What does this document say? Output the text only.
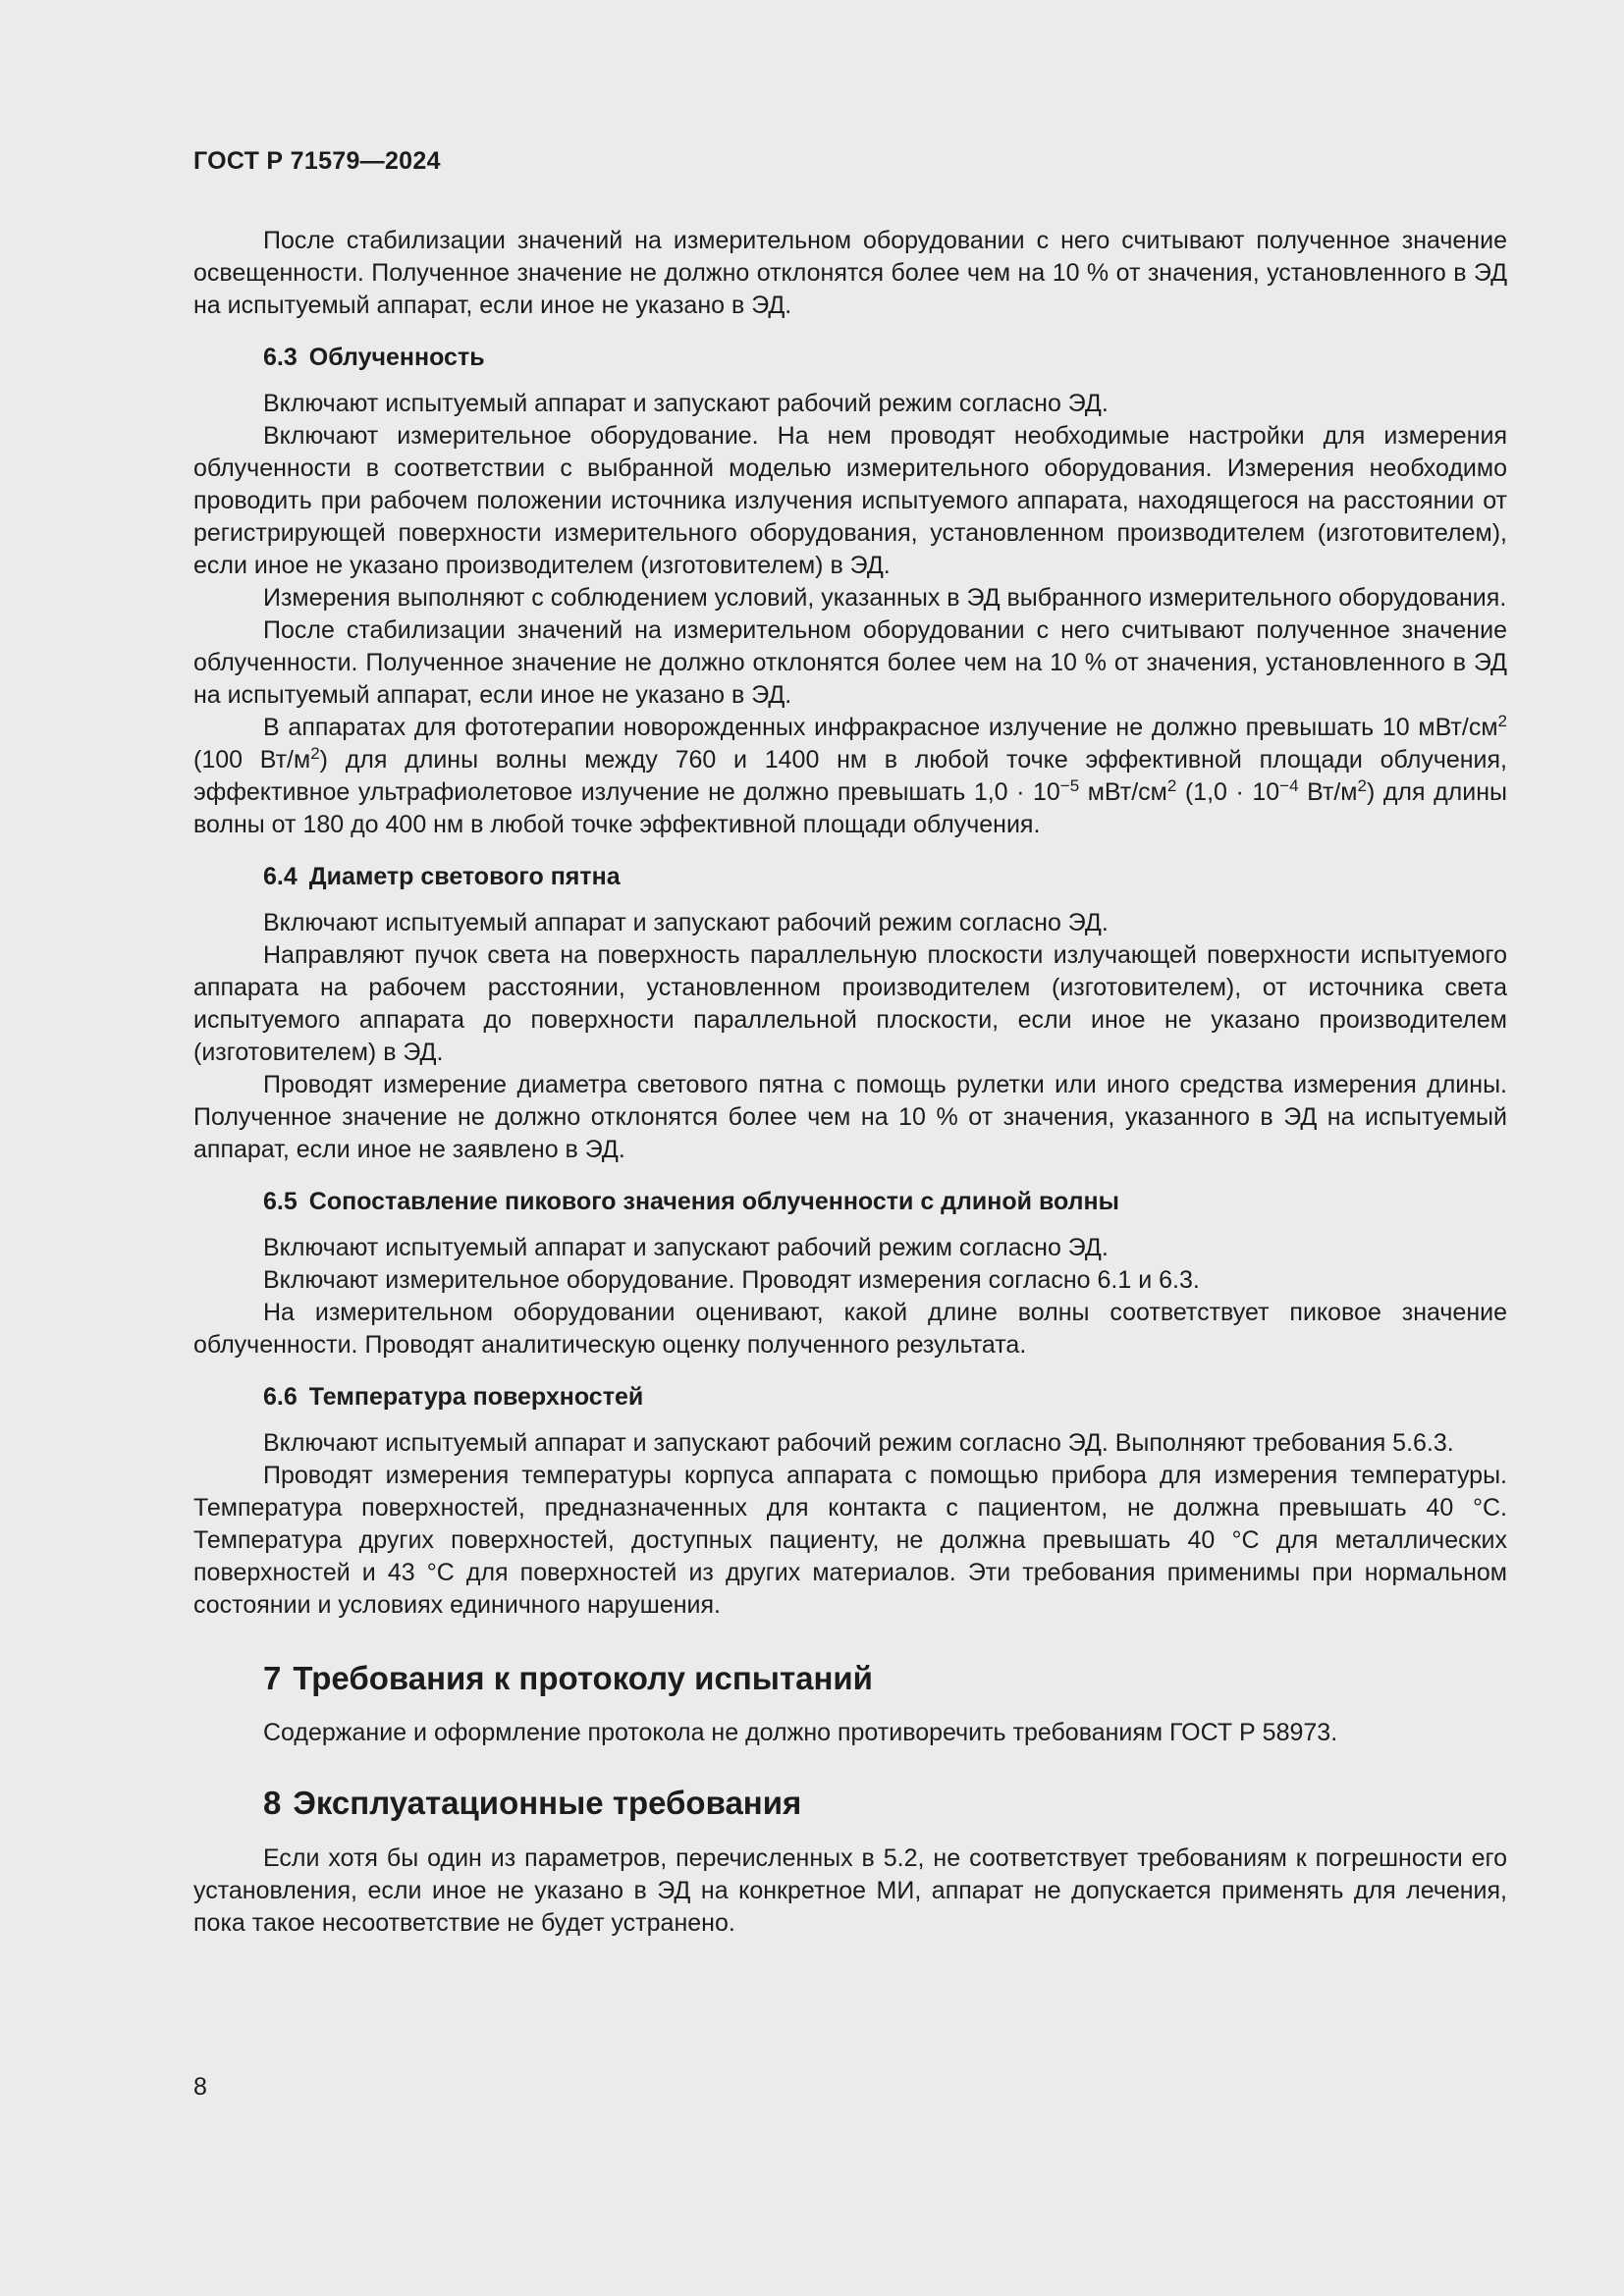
ГОСТ Р 71579—2024

После стабилизации значений на измерительном оборудовании с него считывают полученное значение освещенности. Полученное значение не должно отклонятся более чем на 10 % от значения, установленного в ЭД на испытуемый аппарат, если иное не указано в ЭД.

6.3 Облученность

Включают испытуемый аппарат и запускают рабочий режим согласно ЭД.

Включают измерительное оборудование. На нем проводят необходимые настройки для измерения облученности в соответствии с выбранной моделью измерительного оборудования. Измерения необходимо проводить при рабочем положении источника излучения испытуемого аппарата, находящегося на расстоянии от регистрирующей поверхности измерительного оборудования, установленном производителем (изготовителем), если иное не указано производителем (изготовителем) в ЭД.

Измерения выполняют с соблюдением условий, указанных в ЭД выбранного измерительного оборудования.

После стабилизации значений на измерительном оборудовании с него считывают полученное значение облученности. Полученное значение не должно отклонятся более чем на 10 % от значения, установленного в ЭД на испытуемый аппарат, если иное не указано в ЭД.

В аппаратах для фототерапии новорожденных инфракрасное излучение не должно превышать 10 мВт/$см^2$ (100 $Вт/м^2$) для длины волны между 760 и 1400 нм в любой точке эффективной площади облучения, эффективное ультрафиолетовое излучение не должно превышать $1,0 \cdot 10^{-5}$ мВт/$см^2$ ($1,0 \cdot 10^{-4}$ $Вт/м^2$) для длины волны от 180 до 400 нм в любой точке эффективной площади облучения.

6.4 Диаметр светового пятна

Включают испытуемый аппарат и запускают рабочий режим согласно ЭД.

Направляют пучок света на поверхность параллельную плоскости излучающей поверхности испытуемого аппарата на рабочем расстоянии, установленном производителем (изготовителем), от источника света испытуемого аппарата до поверхности параллельной плоскости, если иное не указано производителем (изготовителем) в ЭД.

Проводят измерение диаметра светового пятна с помощь рулетки или иного средства измерения длины. Полученное значение не должно отклонятся более чем на 10 % от значения, указанного в ЭД на испытуемый аппарат, если иное не заявлено в ЭД.

6.5 Сопоставление пикового значения облученности с длиной волны

Включают испытуемый аппарат и запускают рабочий режим согласно ЭД.

Включают измерительное оборудование. Проводят измерения согласно 6.1 и 6.3.

На измерительном оборудовании оценивают, какой длине волны соответствует пиковое значение облученности. Проводят аналитическую оценку полученного результата.

6.6 Температура поверхностей

Включают испытуемый аппарат и запускают рабочий режим согласно ЭД. Выполняют требования 5.6.3.

Проводят измерения температуры корпуса аппарата с помощью прибора для измерения температуры. Температура поверхностей, предназначенных для контакта с пациентом, не должна превышать 40 °С. Температура других поверхностей, доступных пациенту, не должна превышать 40 °С для металлических поверхностей и 43 °С для поверхностей из других материалов. Эти требования применимы при нормальном состоянии и условиях единичного нарушения.

7 Требования к протоколу испытаний

Содержание и оформление протокола не должно противоречить требованиям ГОСТ Р 58973.

8 Эксплуатационные требования

Если хотя бы один из параметров, перечисленных в 5.2, не соответствует требованиям к погрешности его установления, если иное не указано в ЭД на конкретное МИ, аппарат не допускается применять для лечения, пока такое несоответствие не будет устранено.

8
